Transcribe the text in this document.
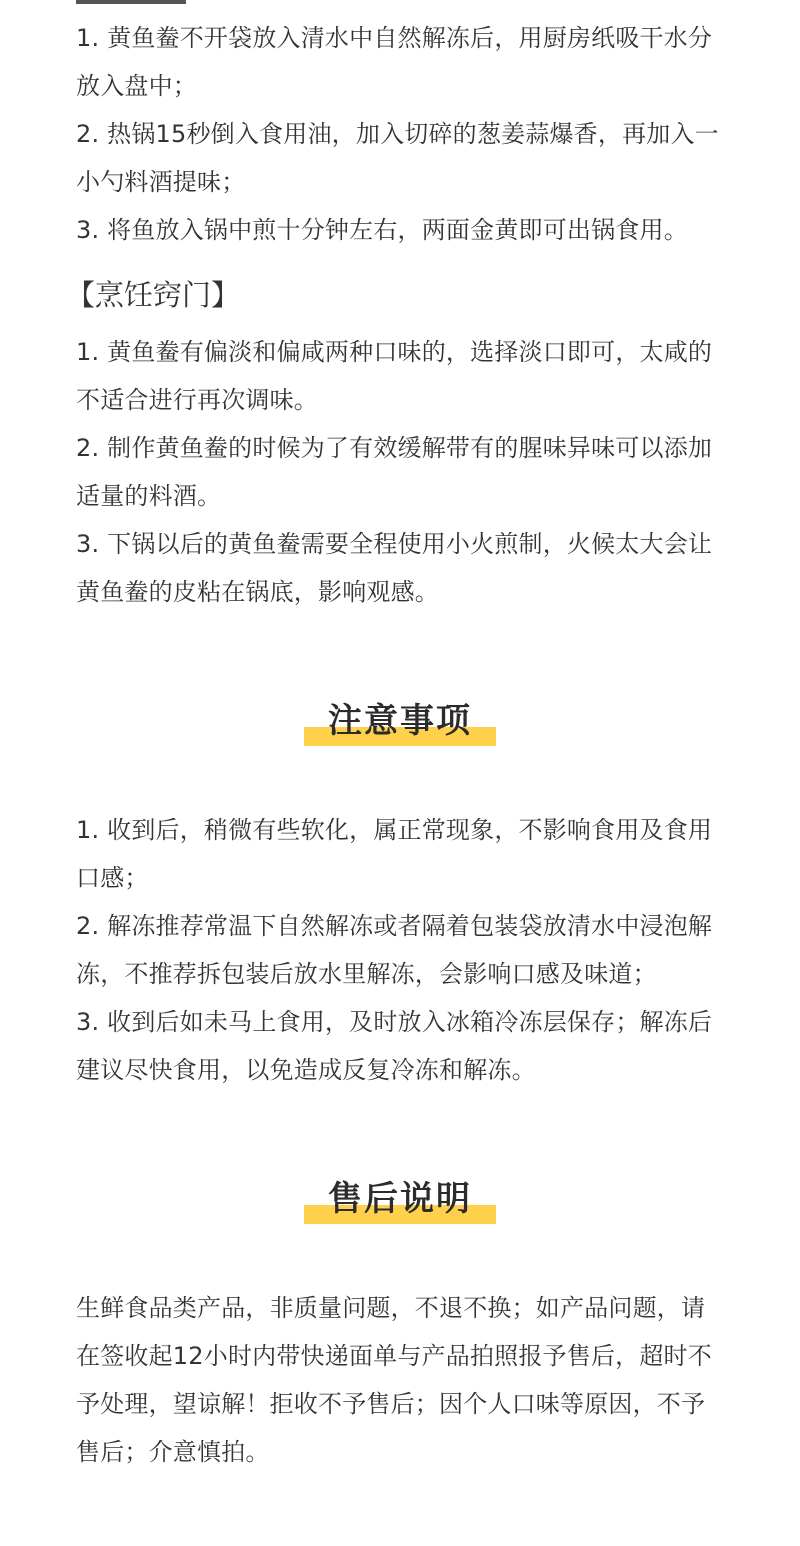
1. 黄鱼鲞不开袋放入清水中自然解冻后，用厨房纸吸干水分
放入盘中；
2. 热锅15秒倒入食用油，加入切碎的葱姜蒜爆香，再加入一
小勺料酒提味；
3. 将鱼放入锅中煎十分钟左右，两面金黄即可出锅食用。
【烹饪窍门】
1. 黄鱼鲞有偏淡和偏咸两种口味的，选择淡口即可，太咸的
不适合进行再次调味。
2. 制作黄鱼鲞的时候为了有效缓解带有的腥味异味可以添加
适量的料酒。
3. 下锅以后的黄鱼鲞需要全程使用小火煎制，火候太大会让
黄鱼鲞的皮粘在锅底，影响观感。
注意事项
1. 收到后，稍微有些软化，属正常现象，不影响食用及食用
口感；
2. 解冻推荐常温下自然解冻或者隔着包装袋放清水中浸泡解
冻，不推荐拆包装后放水里解冻，会影响口感及味道；
3. 收到后如未马上食用，及时放入冰箱冷冻层保存；解冻后
建议尽快食用，以免造成反复冷冻和解冻。
售后说明
生鲜食品类产品，非质量问题，不退不换；如产品问题，请
在签收起12小时内带快递面单与产品拍照报予售后，超时不
予处理，望谅解！拒收不予售后；因个人口味等原因，不予
售后；介意慎拍。
